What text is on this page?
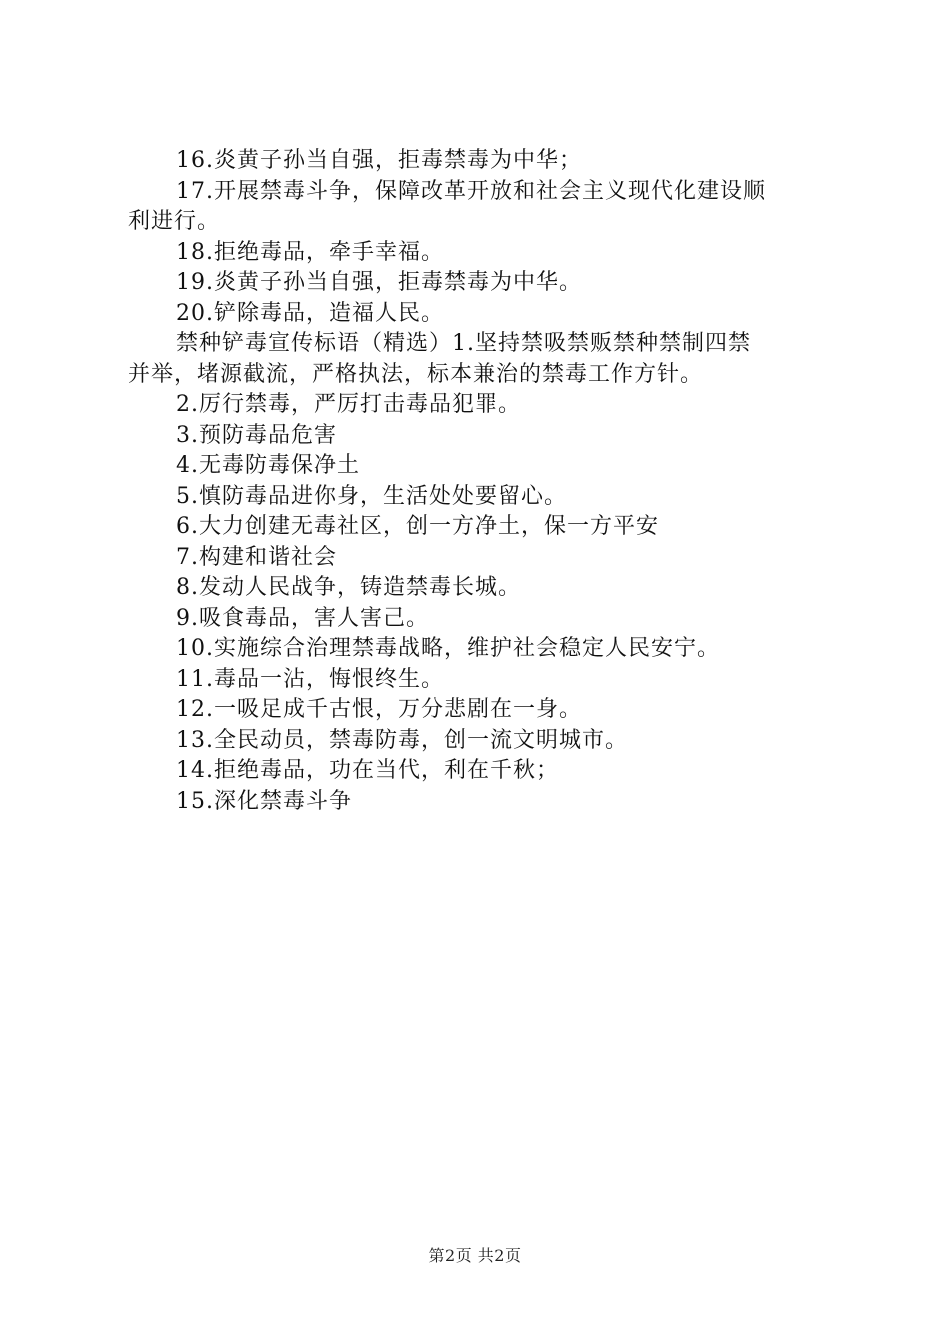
16.炎黄子孙当自强，拒毒禁毒为中华；

17.开展禁毒斗争，保障改革开放和社会主义现代化建设顺

利进行。

18.拒绝毒品，牵手幸福。

19.炎黄子孙当自强，拒毒禁毒为中华。

20.铲除毒品，造福人民。

禁种铲毒宣传标语（精选）1.坚持禁吸禁贩禁种禁制四禁

并举，堵源截流，严格执法，标本兼治的禁毒工作方针。

2.厉行禁毒，严厉打击毒品犯罪。

3.预防毒品危害

4.无毒防毒保净土

5.慎防毒品进你身，生活处处要留心。

6.大力创建无毒社区，创一方净土，保一方平安

7.构建和谐社会

8.发动人民战争，铸造禁毒长城。

9.吸食毒品，害人害己。

10.实施综合治理禁毒战略，维护社会稳定人民安宁。

11.毒品一沾，悔恨终生。

12.一吸足成千古恨，万分悲剧在一身。

13.全民动员，禁毒防毒，创一流文明城市。

14.拒绝毒品，功在当代，利在千秋；

15.深化禁毒斗争

第2页 共2页
